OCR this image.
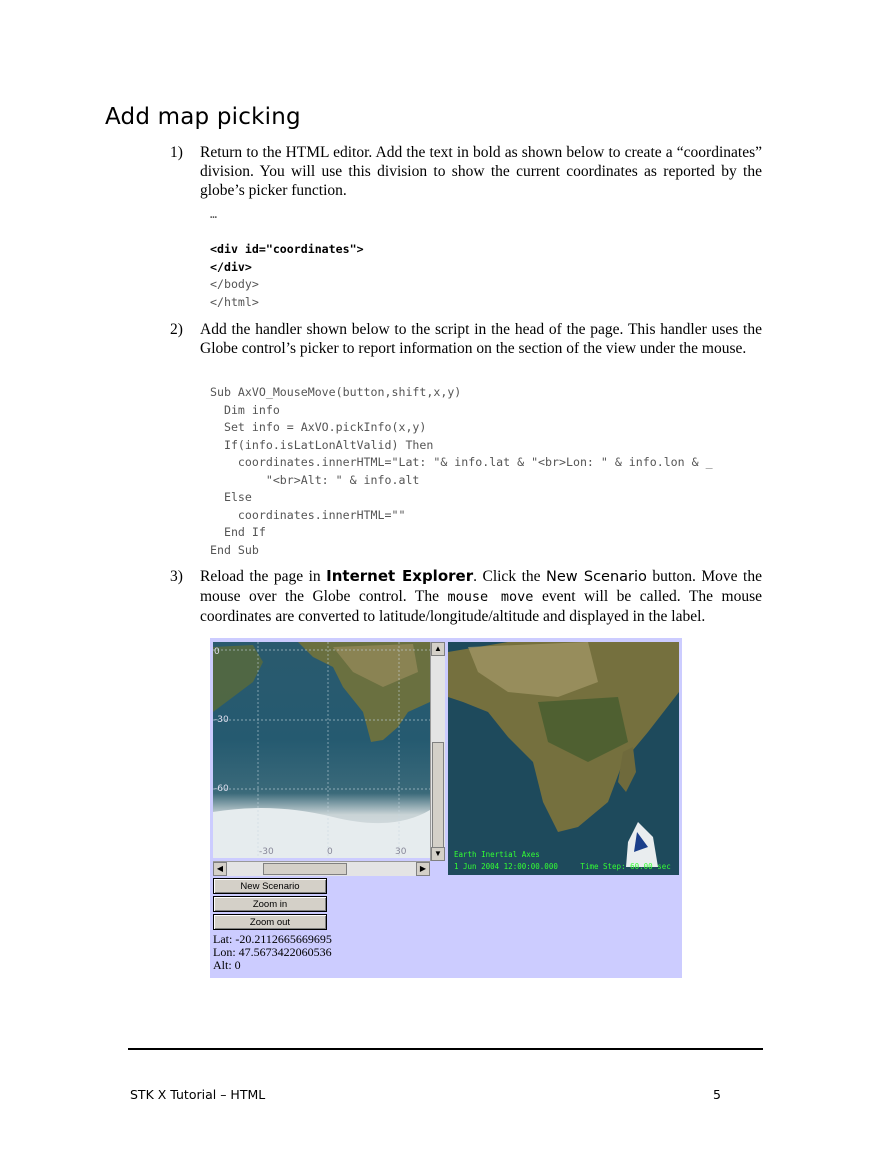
Add map picking
1) Return to the HTML editor. Add the text in bold as shown below to create a “coordinates” division. You will use this division to show the current coordinates as reported by the globe’s picker function.
…

<div id="coordinates">
</div>
</body>
</html>
2) Add the handler shown below to the script in the head of the page. This handler uses the Globe control’s picker to report information on the section of the view under the mouse.
Sub AxVO_MouseMove(button,shift,x,y)
Dim info
Set info = AxVO.pickInfo(x,y)
If(info.isLatLonAltValid) Then
coordinates.innerHTML="Lat: "& info.lat & "<br>Lon: " & info.lon & _
"<br>Alt: " & info.alt
Else
coordinates.innerHTML=""
End If
End Sub
3) Reload the page in Internet Explorer. Click the New Scenario button. Move the mouse over the Globe control. The mouse move event will be called. The mouse coordinates are converted to latitude/longitude/altitude and displayed in the label.
0
-30
-60
-30	0	30
▲
▼
◀	▶
Earth Inertial Axes
1 Jun 2004 12:00:00.000     Time Step: 60.00 sec
New Scenario
Zoom in
Zoom out
Lat: -20.2112665669695
Lon: 47.5673422060536
Alt: 0
STK X Tutorial – HTML	5
